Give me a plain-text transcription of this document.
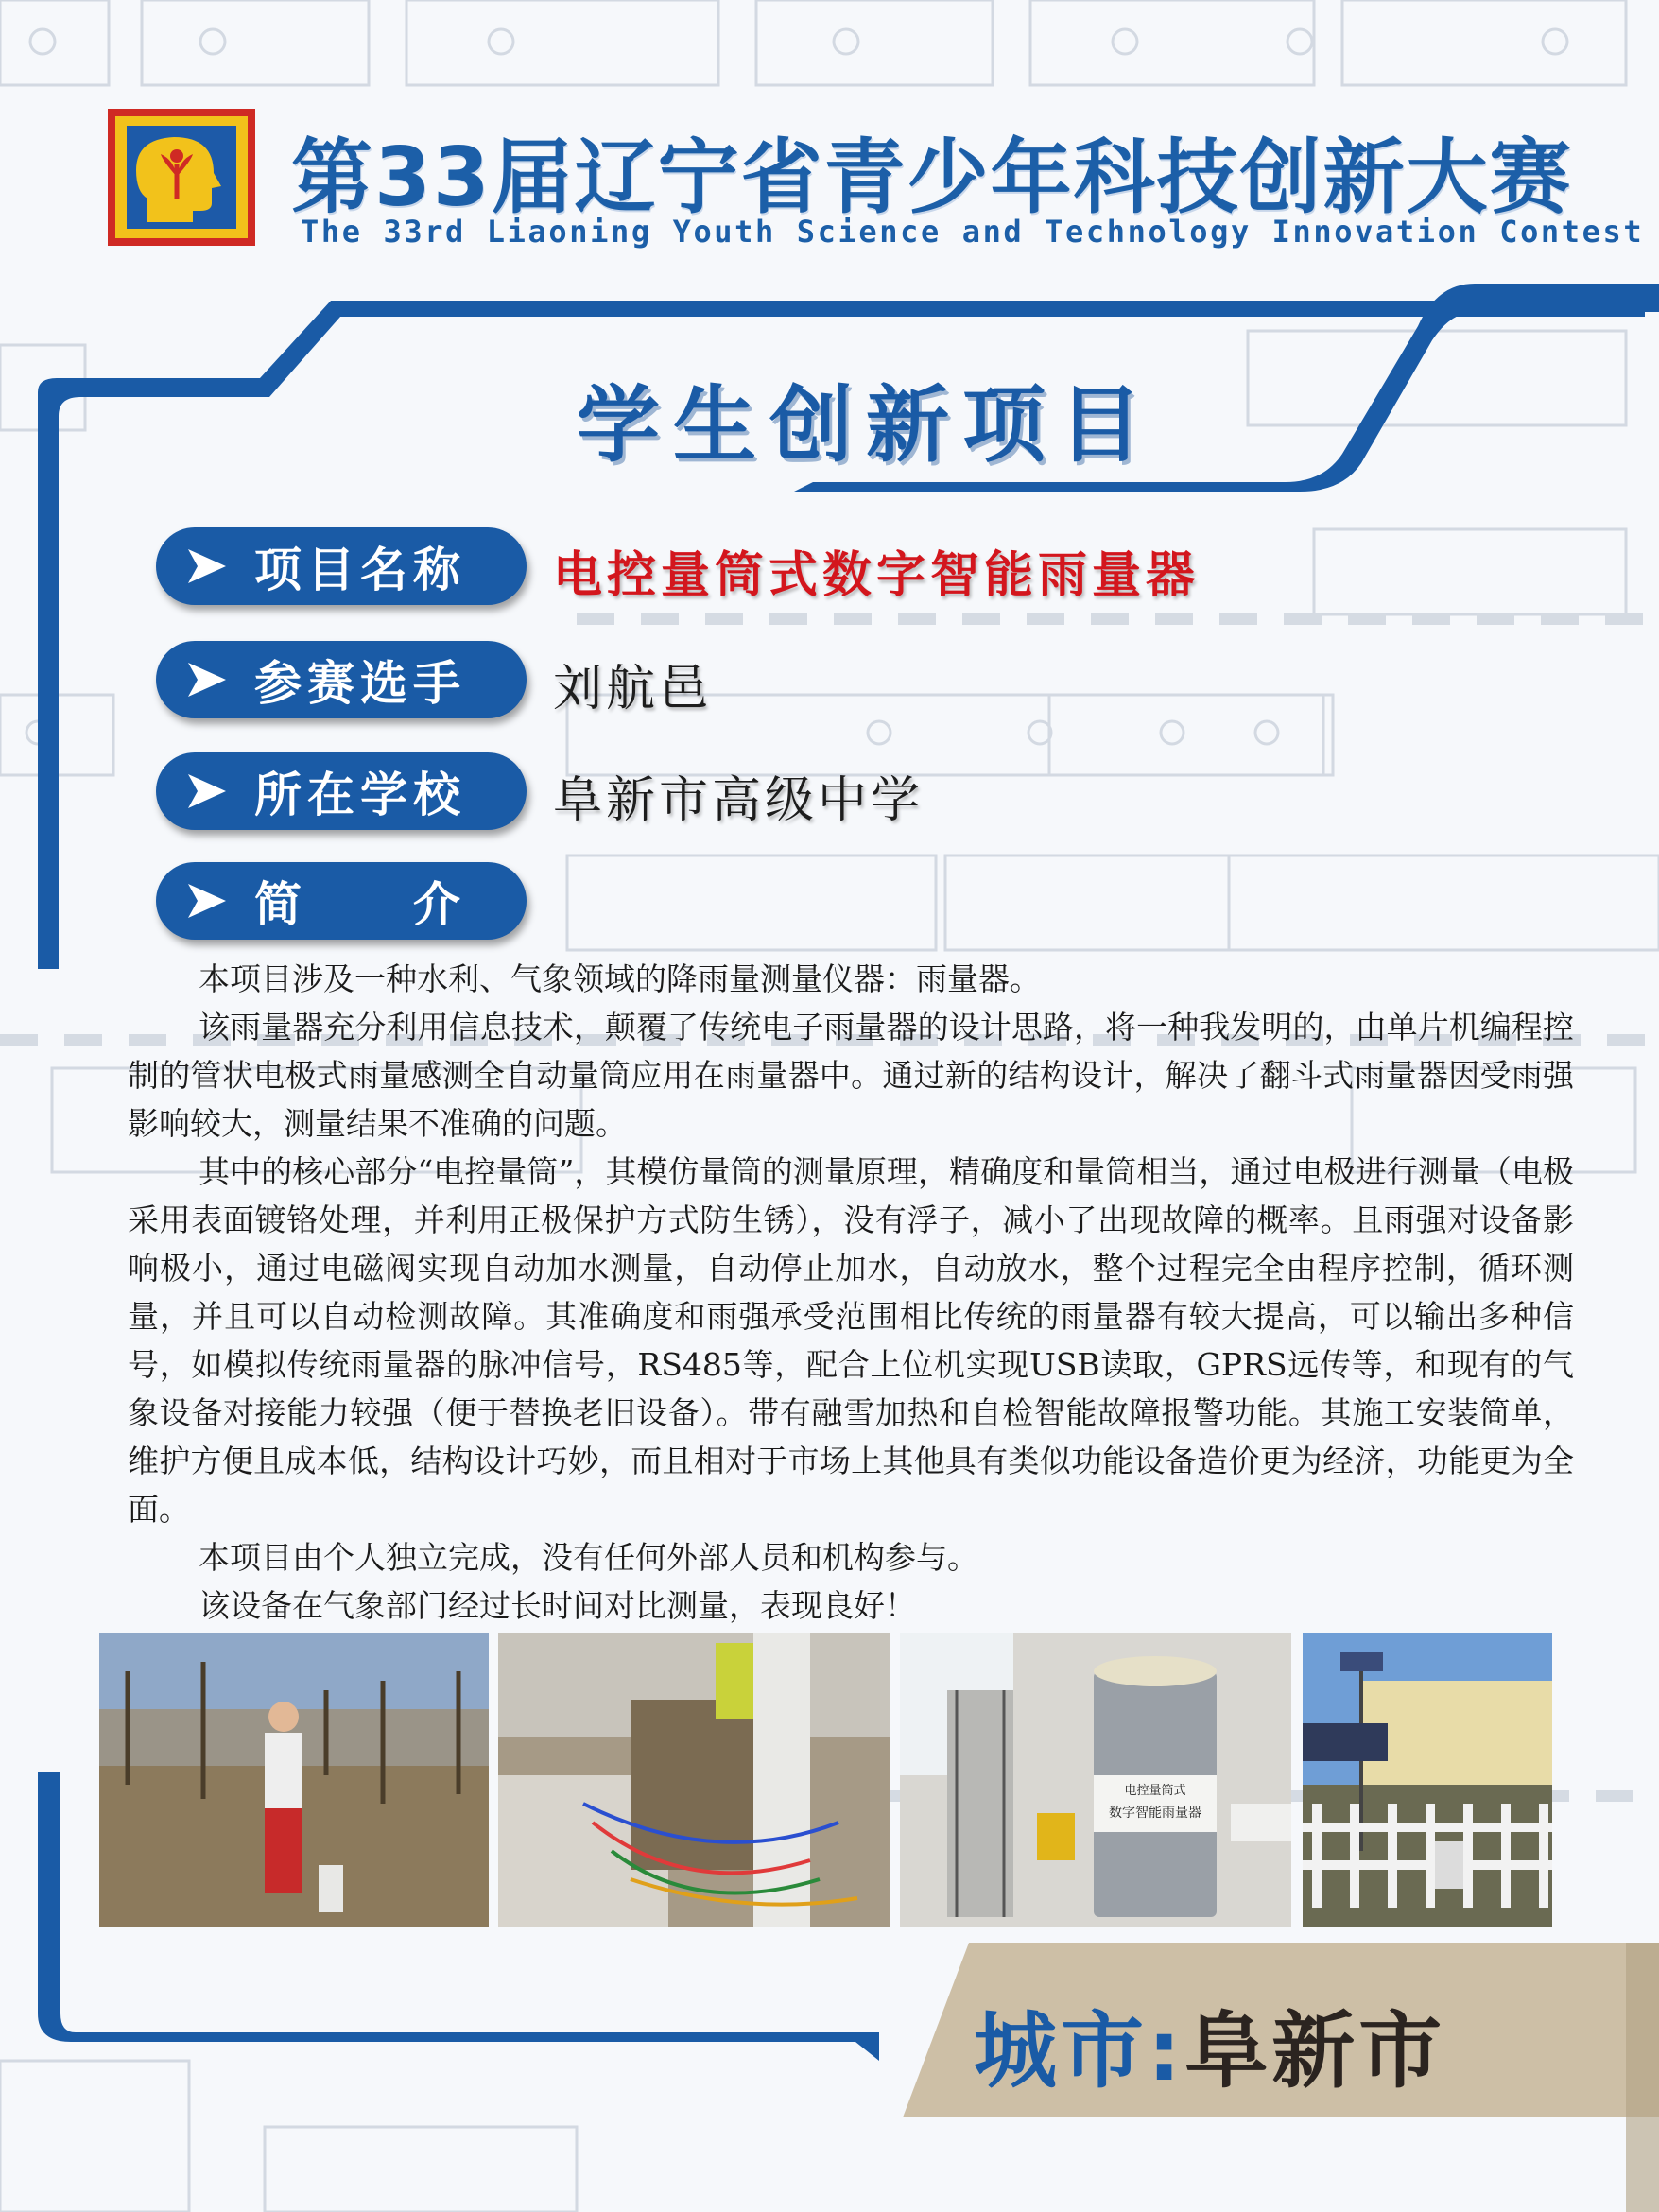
第33届辽宁省青少年科技创新大赛
The 33rd Liaoning Youth Science and Technology Innovation Contest
学生创新项目
项目名称 电控量筒式数字智能雨量器
参赛选手 刘航邑
所在学校 阜新市高级中学
简　　介

本项目涉及一种水利、气象领域的降雨量测量仪器：雨量器。

该雨量器充分利用信息技术，颠覆了传统电子雨量器的设计思路，将一种我发明的，由单片机编程控制的管状电极式雨量感测全自动量筒应用在雨量器中。通过新的结构设计，解决了翻斗式雨量器因受雨强影响较大，测量结果不准确的问题。

其中的核心部分“电控量筒”，其模仿量筒的测量原理，精确度和量筒相当，通过电极进行测量（电极采用表面镀铬处理，并利用正极保护方式防生锈），没有浮子，减小了出现故障的概率。且雨强对设备影响极小，通过电磁阀实现自动加水测量，自动停止加水，自动放水，整个过程完全由程序控制，循环测量，并且可以自动检测故障。其准确度和雨强承受范围相比传统的雨量器有较大提高，可以输出多种信号，如模拟传统雨量器的脉冲信号，RS485等，配合上位机实现USB读取，GPRS远传等，和现有的气象设备对接能力较强（便于替换老旧设备）。带有融雪加热和自检智能故障报警功能。其施工安装简单，维护方便且成本低，结构设计巧妙，而且相对于市场上其他具有类似功能设备造价更为经济，功能更为全面。

本项目由个人独立完成，没有任何外部人员和机构参与。

该设备在气象部门经过长时间对比测量，表现良好！

电控量筒式
数字智能雨量器
城市:阜新市
